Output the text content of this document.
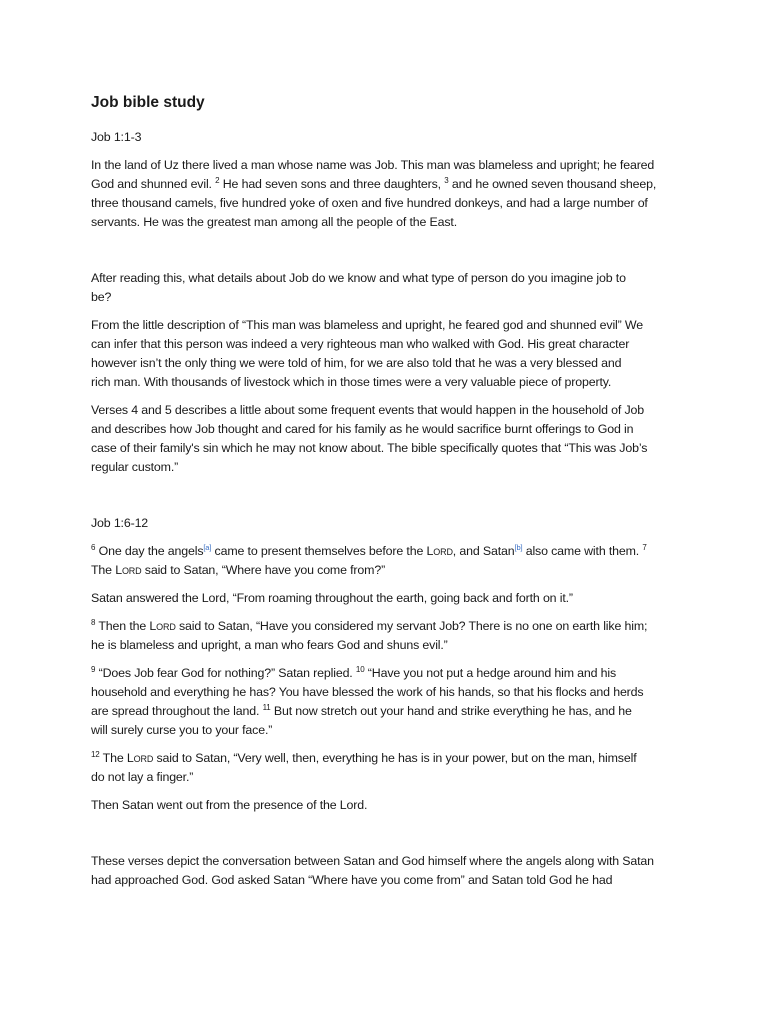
Job bible study
Job 1:1-3
In the land of Uz there lived a man whose name was Job. This man was blameless and upright; he feared
God and shunned evil. $^2$ He had seven sons and three daughters, $^3$ and he owned seven thousand sheep,
three thousand camels, five hundred yoke of oxen and five hundred donkeys, and had a large number of
servants. He was the greatest man among all the people of the East.
After reading this, what details about Job do we know and what type of person do you imagine job to
be?
From the little description of “This man was blameless and upright, he feared god and shunned evil” We
can infer that this person was indeed a very righteous man who walked with God. His great character
however isn’t the only thing we were told of him, for we are also told that he was a very blessed and
rich man. With thousands of livestock which in those times were a very valuable piece of property.
Verses 4 and 5 describes a little about some frequent events that would happen in the household of Job
and describes how Job thought and cared for his family as he would sacrifice burnt offerings to God in
case of their family's sin which he may not know about. The bible specifically quotes that “This was Job’s
regular custom.”
Job 1:6-12
$^6$ One day the angels[a] came to present themselves before the Lord, and Satan[b] also came with them. $^7$
The Lord said to Satan, “Where have you come from?”
Satan answered the Lord, “From roaming throughout the earth, going back and forth on it.”
$^8$ Then the Lord said to Satan, “Have you considered my servant Job? There is no one on earth like him;
he is blameless and upright, a man who fears God and shuns evil.”
$^9$ “Does Job fear God for nothing?” Satan replied. $^{10}$ “Have you not put a hedge around him and his
household and everything he has? You have blessed the work of his hands, so that his flocks and herds
are spread throughout the land. $^{11}$ But now stretch out your hand and strike everything he has, and he
will surely curse you to your face.”
$^{12}$ The Lord said to Satan, “Very well, then, everything he has is in your power, but on the man, himself
do not lay a finger.”
Then Satan went out from the presence of the Lord.
These verses depict the conversation between Satan and God himself where the angels along with Satan
had approached God. God asked Satan “Where have you come from” and Satan told God he had
